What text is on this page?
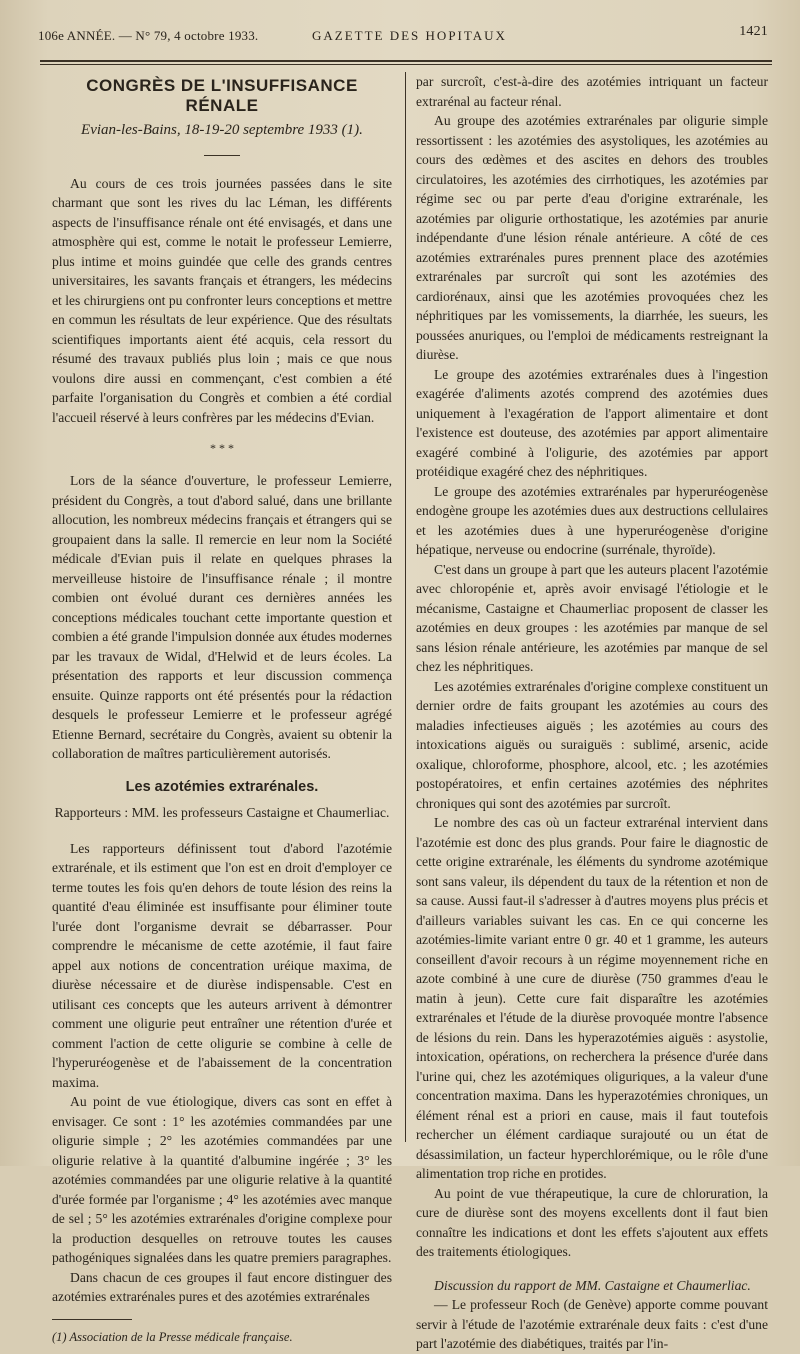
106e ANNÉE. — N° 79, 4 octobre 1933.	GAZETTE DES HOPITAUX	1421
CONGRÈS DE L'INSUFFISANCE RÉNALE
Evian-les-Bains, 18-19-20 septembre 1933 (1).

Au cours de ces trois journées passées dans le site charmant que sont les rives du lac Léman, les différents aspects de l'insuffisance rénale ont été envisagés, et dans une atmosphère qui est, comme le notait le professeur Lemierre, plus intime et moins guindée que celle des grands centres universitaires, les savants français et étrangers, les médecins et les chirurgiens ont pu confronter leurs conceptions et mettre en commun les résultats de leur expérience. Que des résultats scientifiques importants aient été acquis, cela ressort du résumé des travaux publiés plus loin ; mais ce que nous voulons dire aussi en commençant, c'est combien a été parfaite l'organisation du Congrès et combien a été cordial l'accueil réservé à leurs confrères par les médecins d'Evian.

* * *

Lors de la séance d'ouverture, le professeur Lemierre, président du Congrès, a tout d'abord salué, dans une brillante allocution, les nombreux médecins français et étrangers qui se groupaient dans la salle. Il remercie en leur nom la Société médicale d'Evian puis il relate en quelques phrases la merveilleuse histoire de l'insuffisance rénale ; il montre combien ont évolué durant ces dernières années les conceptions médicales touchant cette importante question et combien a été grande l'impulsion donnée aux études modernes par les travaux de Widal, d'Helwid et de leurs écoles. La présentation des rapports et leur discussion commença ensuite. Quinze rapports ont été présentés pour la rédaction desquels le professeur Lemierre et le professeur agrégé Etienne Bernard, secrétaire du Congrès, avaient su obtenir la collaboration de maîtres particulièrement autorisés.

Les azotémies extrarénales.
Rapporteurs : MM. les professeurs Castaigne et Chaumerliac.

Les rapporteurs définissent tout d'abord l'azotémie extrarénale, et ils estiment que l'on est en droit d'employer ce terme toutes les fois qu'en dehors de toute lésion des reins la quantité d'eau éliminée est insuffisante pour éliminer toute l'urée dont l'organisme devrait se débarrasser. Pour comprendre le mécanisme de cette azotémie, il faut faire appel aux notions de concentration uréique maxima, de diurèse nécessaire et de diurèse indispensable. C'est en utilisant ces concepts que les auteurs arrivent à démontrer comment une oligurie peut entraîner une rétention d'urée et comment l'action de cette oligurie se combine à celle de l'hyperuréogenèse et de l'abaissement de la concentration maxima.

Au point de vue étiologique, divers cas sont en effet à envisager. Ce sont : 1° les azotémies commandées par une oligurie simple ; 2° les azotémies commandées par une oligurie relative à la quantité d'albumine ingérée ; 3° les azotémies commandées par une oligurie relative à la quantité d'urée formée par l'organisme ; 4° les azotémies avec manque de sel ; 5° les azotémies extrarénales d'origine complexe pour la production desquelles on retrouve toutes les causes pathogéniques signalées dans les quatre premiers paragraphes.

Dans chacun de ces groupes il faut encore distinguer des azotémies extrarénales pures et des azotémies extrarénales

(1) Association de la Presse médicale française.

par surcroît, c'est-à-dire des azotémies intriquant un facteur extrarénal au facteur rénal.

Au groupe des azotémies extrarénales par oligurie simple ressortissent : les azotémies des asystoliques, les azotémies au cours des œdèmes et des ascites en dehors des troubles circulatoires, les azotémies des cirrhotiques, les azotémies par régime sec ou par perte d'eau d'origine extrarénale, les azotémies par oligurie orthostatique, les azotémies par anurie indépendante d'une lésion rénale antérieure. A côté de ces azotémies extrarénales pures prennent place des azotémies extrarénales par surcroît qui sont les azotémies des cardiorénaux, ainsi que les azotémies provoquées chez les néphritiques par les vomissements, la diarrhée, les sueurs, les poussées anuriques, ou l'emploi de médicaments restreignant la diurèse.

Le groupe des azotémies extrarénales dues à l'ingestion exagérée d'aliments azotés comprend des azotémies dues uniquement à l'exagération de l'apport alimentaire et dont l'existence est douteuse, des azotémies par apport alimentaire exagéré combiné à l'oligurie, des azotémies par apport protéidique exagéré chez des néphritiques.

Le groupe des azotémies extrarénales par hyperuréogenèse endogène groupe les azotémies dues aux destructions cellulaires et les azotémies dues à une hyperuréogenèse d'origine hépatique, nerveuse ou endocrine (surrénale, thyroïde).

C'est dans un groupe à part que les auteurs placent l'azotémie avec chloropénie et, après avoir envisagé l'étiologie et le mécanisme, Castaigne et Chaumerliac proposent de classer les azotémies en deux groupes : les azotémies par manque de sel sans lésion rénale antérieure, les azotémies par manque de sel chez les néphritiques.

Les azotémies extrarénales d'origine complexe constituent un dernier ordre de faits groupant les azotémies au cours des maladies infectieuses aiguës ; les azotémies au cours des intoxications aiguës ou suraiguës : sublimé, arsenic, acide oxalique, chloroforme, phosphore, alcool, etc. ; les azotémies postopératoires, et enfin certaines azotémies des néphrites chroniques qui sont des azotémies par surcroît.

Le nombre des cas où un facteur extrarénal intervient dans l'azotémie est donc des plus grands. Pour faire le diagnostic de cette origine extrarénale, les éléments du syndrome azotémique sont sans valeur, ils dépendent du taux de la rétention et non de sa cause. Aussi faut-il s'adresser à d'autres moyens plus précis et d'ailleurs variables suivant les cas. En ce qui concerne les azotémies-limite variant entre 0 gr. 40 et 1 gramme, les auteurs conseillent d'avoir recours à un régime moyennement riche en azote combiné à une cure de diurèse (750 grammes d'eau le matin à jeun). Cette cure fait disparaître les azotémies extrarénales et l'étude de la diurèse provoquée montre l'absence de lésions du rein. Dans les hyperazotémies aiguës : asystolie, intoxication, opérations, on recherchera la présence d'urée dans l'urine qui, chez les azotémiques oliguriques, a la valeur d'une concentration maxima. Dans les hyperazotémies chroniques, un élément rénal est a priori en cause, mais il faut toutefois rechercher un élément cardiaque surajouté ou un état de désassimilation, un facteur hyperchlorémique, ou le rôle d'une alimentation trop riche en protides.

Au point de vue thérapeutique, la cure de chloruration, la cure de diurèse sont des moyens excellents dont il faut bien connaître les indications et dont les effets s'ajoutent aux effets des traitements étiologiques.

Discussion du rapport de MM. Castaigne et Chaumerliac.

— Le professeur Roch (de Genève) apporte comme pouvant servir à l'étude de l'azotémie extrarénale deux faits : c'est d'une part l'azotémie des diabétiques, traités par l'in-
